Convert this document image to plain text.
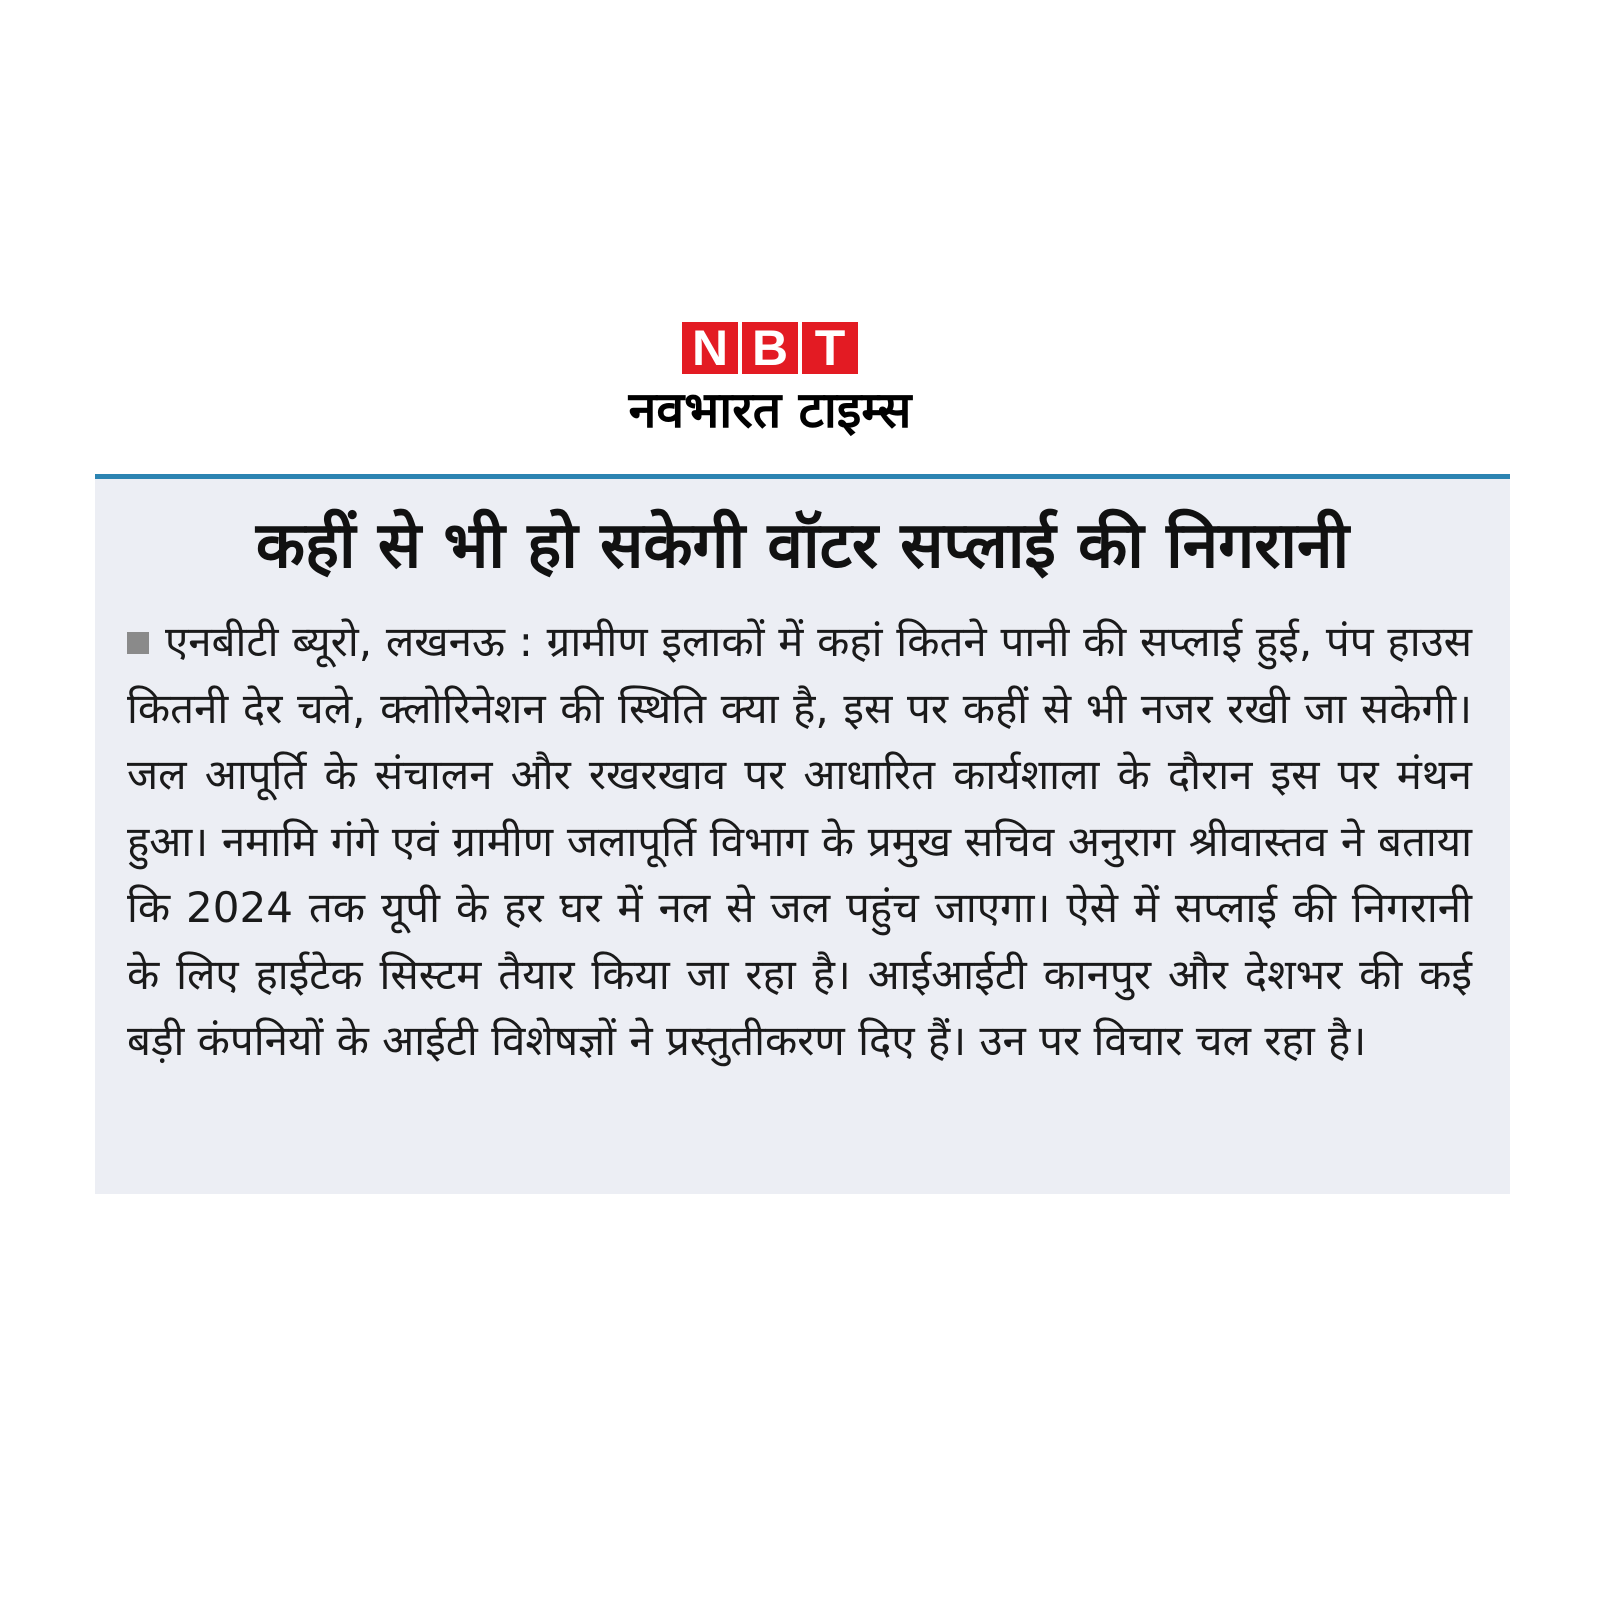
N B T
नवभारत टाइम्स
कहीं से भी हो सकेगी वॉटर सप्लाई की निगरानी
एनबीटी ब्यूरो, लखनऊ : ग्रामीण इलाकों में कहां कितने पानी की सप्लाई हुई, पंप हाउस कितनी देर चले, क्लोरिनेशन की स्थिति क्या है, इस पर कहीं से भी नजर रखी जा सकेगी। जल आपूर्ति के संचालन और रखरखाव पर आधारित कार्यशाला के दौरान इस पर मंथन हुआ। नमामि गंगे एवं ग्रामीण जलापूर्ति विभाग के प्रमुख सचिव अनुराग श्रीवास्तव ने बताया कि 2024 तक यूपी के हर घर में नल से जल पहुंच जाएगा। ऐसे में सप्लाई की निगरानी के लिए हाईटेक सिस्टम तैयार किया जा रहा है। आईआईटी कानपुर और देशभर की कई बड़ी कंपनियों के आईटी विशेषज्ञों ने प्रस्तुतीकरण दिए हैं। उन पर विचार चल रहा है।
